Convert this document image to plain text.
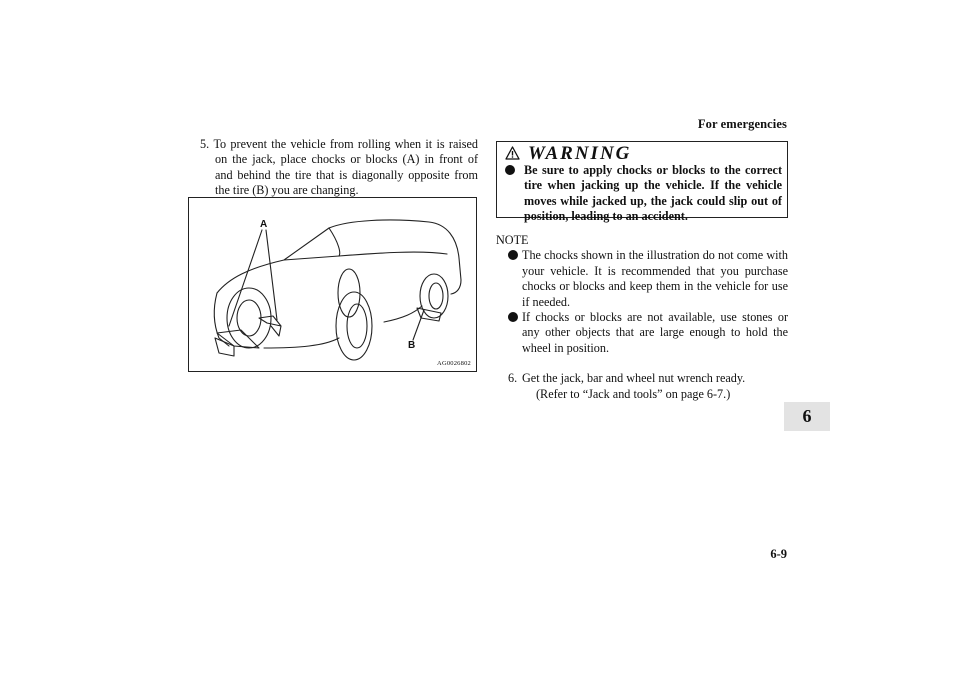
For emergencies
5. To prevent the vehicle from rolling when it is raised on the jack, place chocks or blocks (A) in front of and behind the tire that is diagonally opposite from the tire (B) you are changing.
A
B
AG0026802
WARNING
Be sure to apply chocks or blocks to the correct tire when jacking up the vehicle. If the vehicle moves while jacked up, the jack could slip out of position, leading to an accident.
NOTE
The chocks shown in the illustration do not come with your vehicle. It is recommended that you purchase chocks or blocks and keep them in the vehicle for use if needed.
If chocks or blocks are not available, use stones or any other objects that are large enough to hold the wheel in position.
6. Get the jack, bar and wheel nut wrench ready.
(Refer to “Jack and tools” on page 6-7.)
6
6-9
